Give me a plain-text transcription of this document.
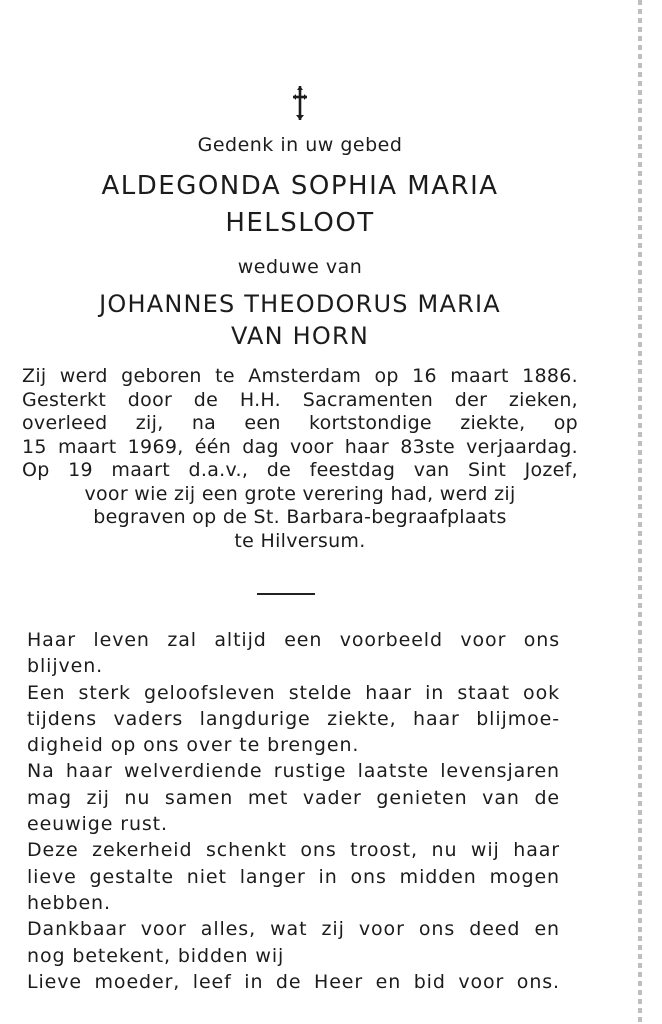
Gedenk in uw gebed
ALDEGONDA SOPHIA MARIA
HELSLOOT
weduwe van
JOHANNES THEODORUS MARIA
VAN HORN
Zij werd geboren te Amsterdam op 16 maart 1886.
Gesterkt door de H.H. Sacramenten der zieken,
overleed zij, na een kortstondige ziekte, op
15 maart 1969, één dag voor haar 83ste verjaardag.
Op 19 maart d.a.v., de feestdag van Sint Jozef,
voor wie zij een grote verering had, werd zij
begraven op de St. Barbara-begraafplaats
te Hilversum.
Haar leven zal altijd een voorbeeld voor ons
blijven.
Een sterk geloofsleven stelde haar in staat ook
tijdens vaders langdurige ziekte, haar blijmoe-
digheid op ons over te brengen.
Na haar welverdiende rustige laatste levensjaren
mag zij nu samen met vader genieten van de
eeuwige rust.
Deze zekerheid schenkt ons troost, nu wij haar
lieve gestalte niet langer in ons midden mogen
hebben.
Dankbaar voor alles, wat zij voor ons deed en
nog betekent, bidden wij
Lieve moeder, leef in de Heer en bid voor ons.
